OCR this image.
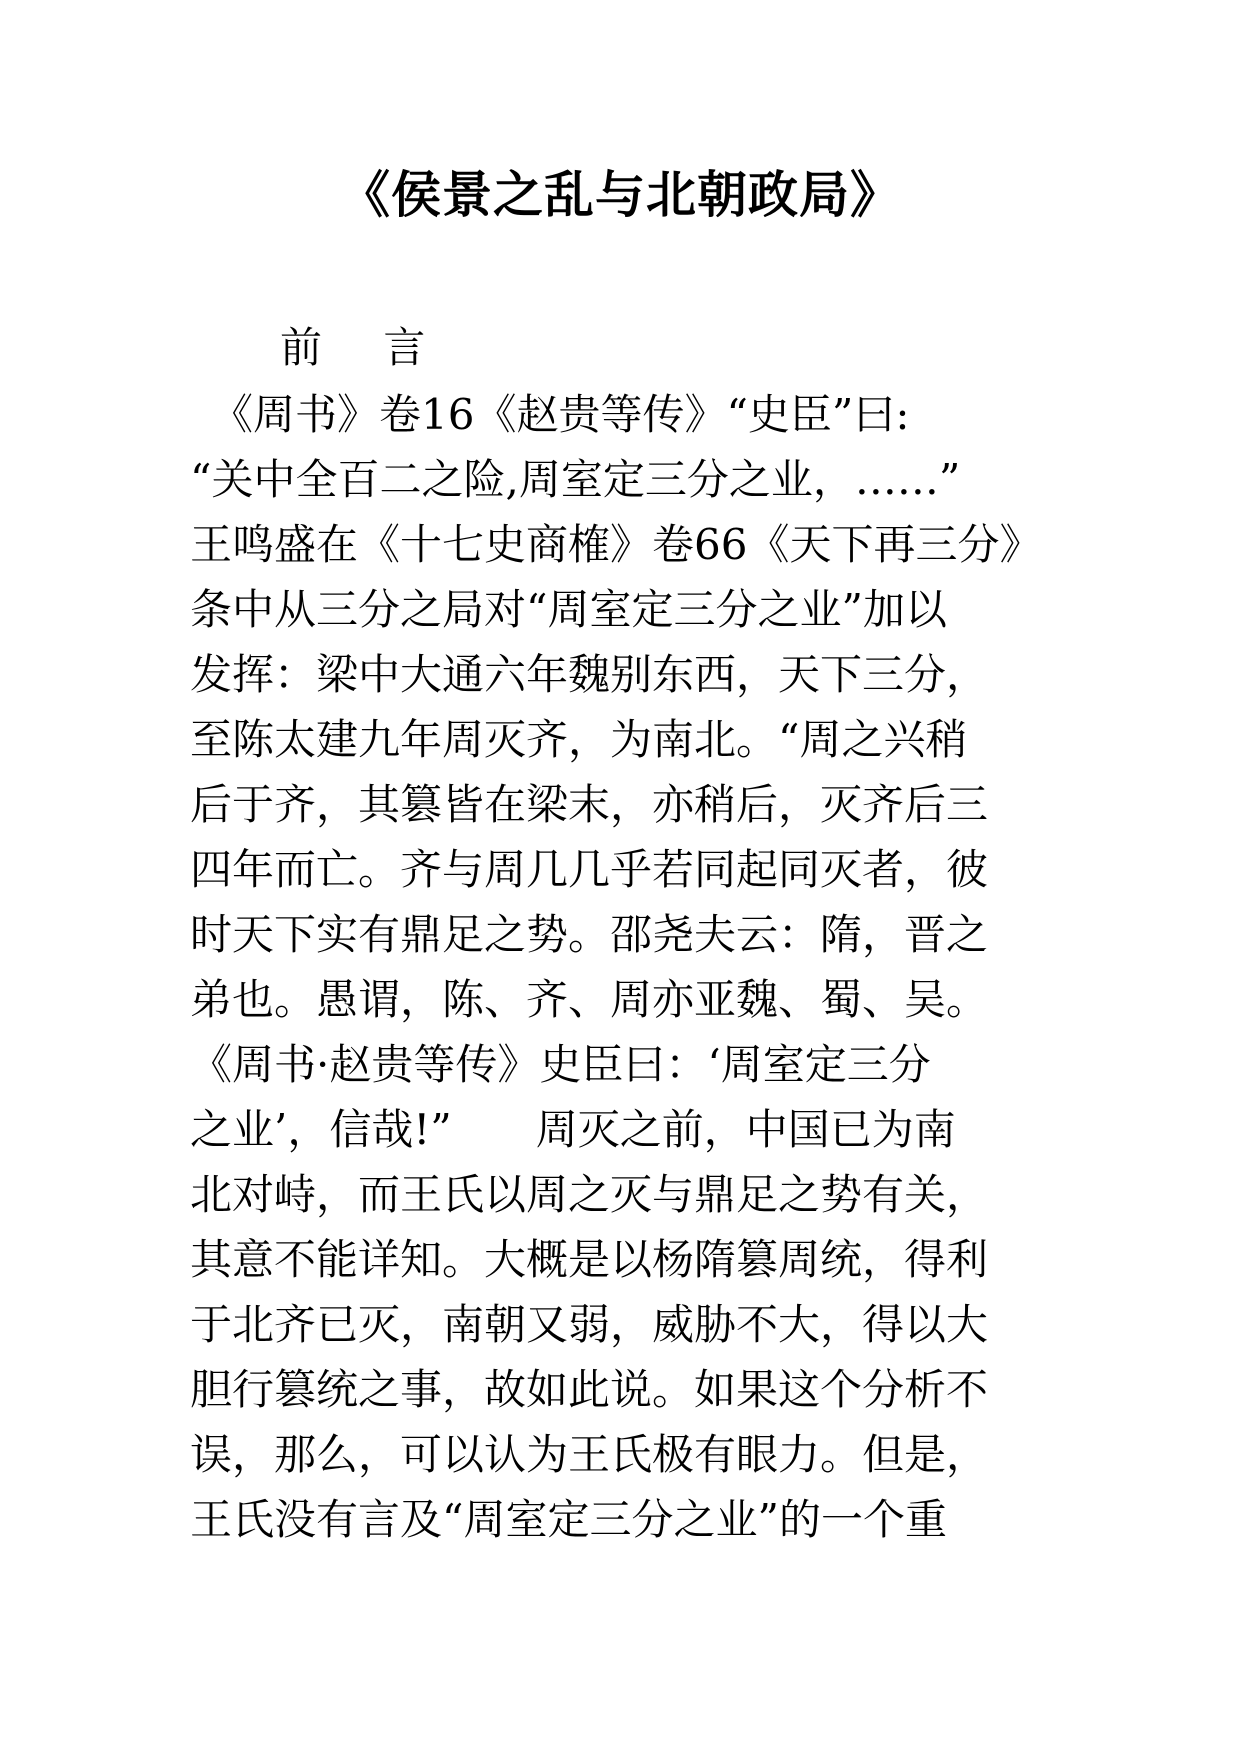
《侯景之乱与北朝政局》
前 言
　《周书》卷16《赵贵等传》“史臣”曰:
“关中全百二之险,周室定三分之业，……”
王鸣盛在《十七史商榷》卷66《天下再三分》
条中从三分之局对“周室定三分之业”加以
发挥：梁中大通六年魏别东西，天下三分，
至陈太建九年周灭齐，为南北。“周之兴稍
后于齐，其篡皆在梁末，亦稍后，灭齐后三
四年而亡。齐与周几几乎若同起同灭者，彼
时天下实有鼎足之势。邵尧夫云：隋，晋之
弟也。愚谓，陈、齐、周亦亚魏、蜀、吴。
《周书·赵贵等传》史臣曰：‘周室定三分
之业’，信哉!”　　周灭之前，中国已为南
北对峙，而王氏以周之灭与鼎足之势有关，
其意不能详知。大概是以杨隋篡周统，得利
于北齐已灭，南朝又弱，威胁不大，得以大
胆行篡统之事，故如此说。如果这个分析不
误，那么，可以认为王氏极有眼力。但是，
王氏没有言及“周室定三分之业”的一个重
